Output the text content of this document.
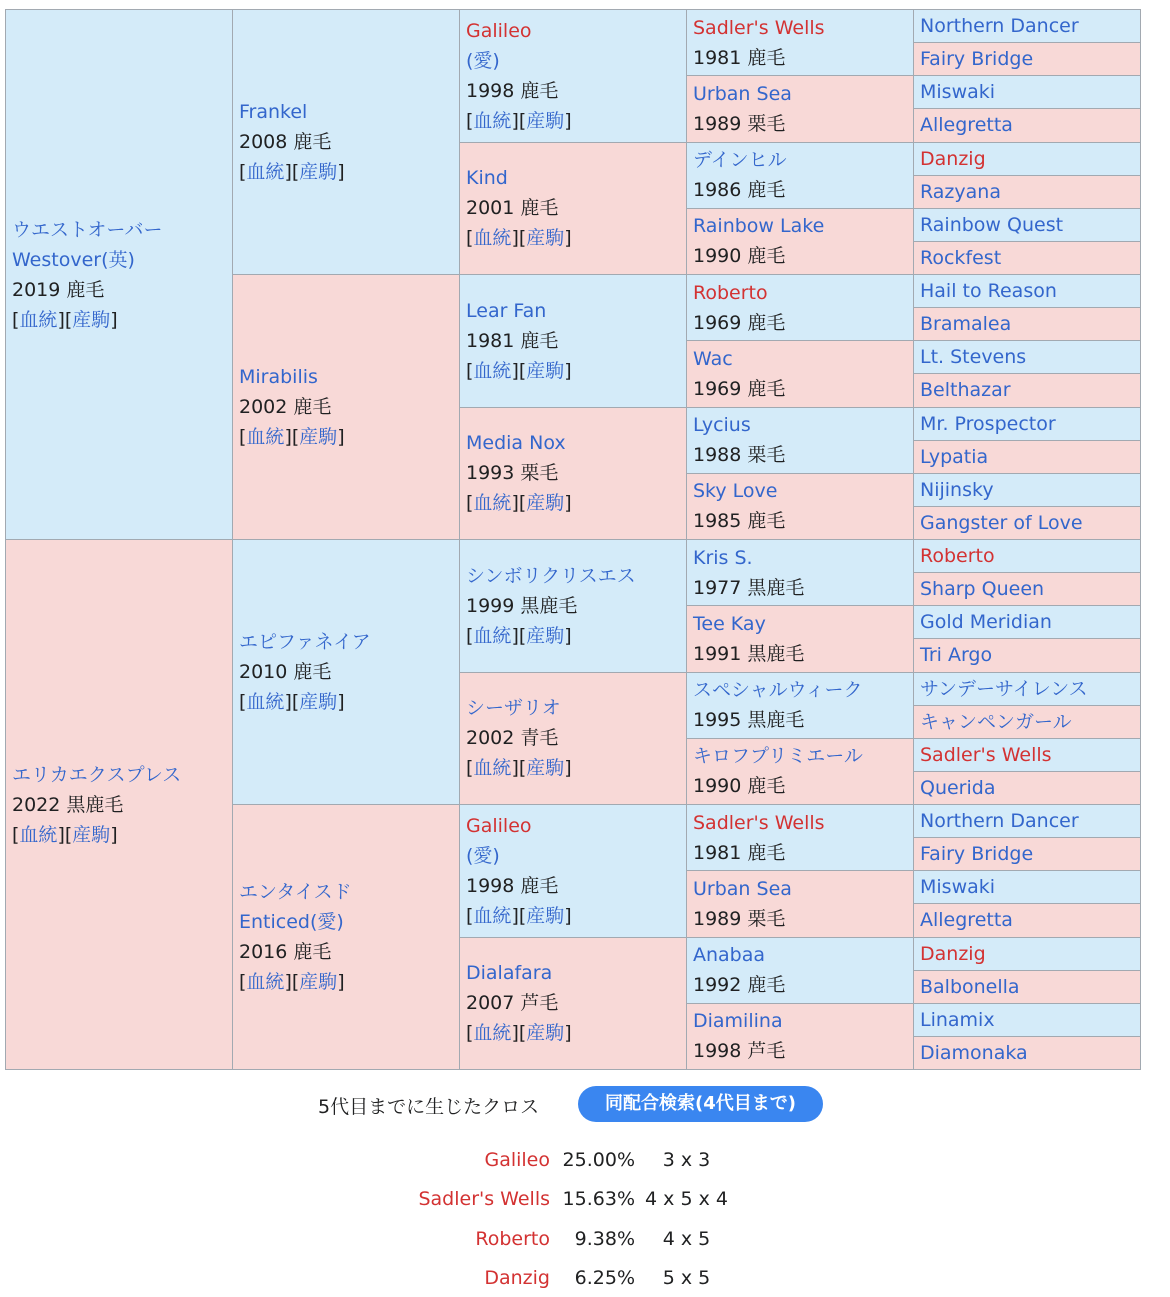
ウエストオーバー
Westover(英)
2019 鹿毛
[血統][産駒]	Frankel
2008 鹿毛
[血統][産駒]	Galileo
(愛)
1998 鹿毛
[血統][産駒]	Sadler's Wells
1981 鹿毛	Northern Dancer
				Fairy Bridge

			Urban Sea
1989 栗毛	Miswaki
				Allegretta

		Kind
2001 鹿毛
[血統][産駒]	デインヒル
1986 鹿毛	Danzig
				Razyana

			Rainbow Lake
1990 鹿毛	Rainbow Quest
				Rockfest

	Mirabilis
2002 鹿毛
[血統][産駒]	Lear Fan
1981 鹿毛
[血統][産駒]	Roberto
1969 鹿毛	Hail to Reason
				Bramalea

			Wac
1969 鹿毛	Lt. Stevens
				Belthazar

		Media Nox
1993 栗毛
[血統][産駒]	Lycius
1988 栗毛	Mr. Prospector
				Lypatia

			Sky Love
1985 鹿毛	Nijinsky
				Gangster of Love

エリカエクスプレス
2022 黒鹿毛
[血統][産駒]	エピファネイア
2010 鹿毛
[血統][産駒]	シンボリクリスエス
1999 黒鹿毛
[血統][産駒]	Kris S.
1977 黒鹿毛	Roberto
				Sharp Queen

			Tee Kay
1991 黒鹿毛	Gold Meridian
				Tri Argo

		シーザリオ
2002 青毛
[血統][産駒]	スペシャルウィーク
1995 黒鹿毛	サンデーサイレンス
				キャンペンガール

			キロフプリミエール
1990 鹿毛	Sadler's Wells
				Querida

	エンタイスド
Enticed(愛)
2016 鹿毛
[血統][産駒]	Galileo
(愛)
1998 鹿毛
[血統][産駒]	Sadler's Wells
1981 鹿毛	Northern Dancer
				Fairy Bridge

			Urban Sea
1989 栗毛	Miswaki
				Allegretta

		Dialafara
2007 芦毛
[血統][産駒]	Anabaa
1992 鹿毛	Danzig
				Balbonella

			Diamilina
1998 芦毛	Linamix
				Diamonaka
5代目までに生じたクロス	同配合検索(4代目まで)
Galileo	25.00%	3 x 3
Sadler's Wells	15.63%	4 x 5 x 4
Roberto	9.38%	4 x 5
Danzig	6.25%	5 x 5
